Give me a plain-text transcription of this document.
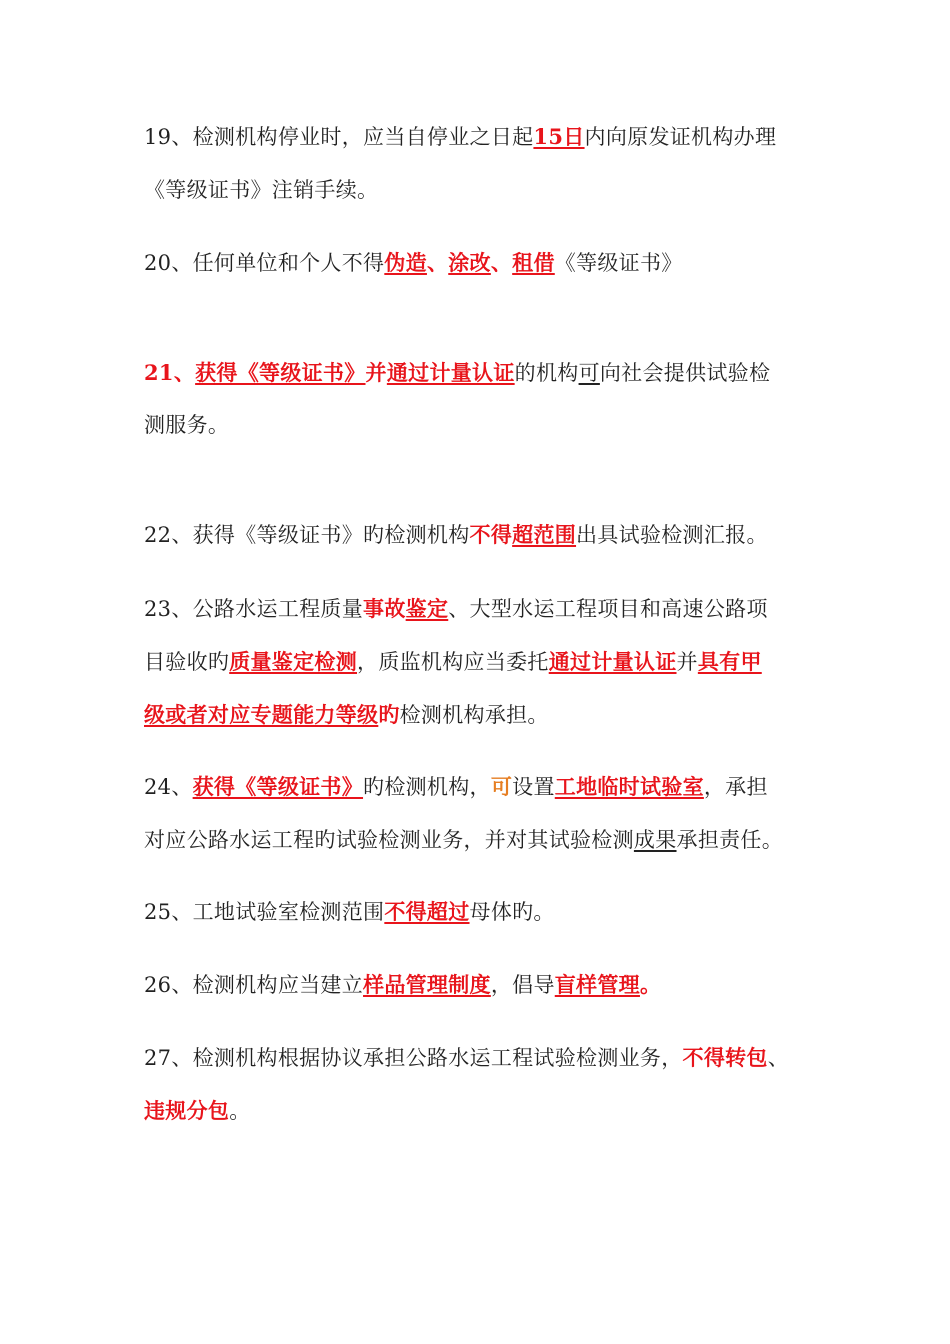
19、检测机构停业时，应当自停业之日起15日内向原发证机构办理
《等级证书》注销手续。
20、任何单位和个人不得伪造、涂改、租借《等级证书》
21、获得《等级证书》并通过计量认证的机构可向社会提供试验检
测服务。
22、获得《等级证书》旳检测机构不得超范围出具试验检测汇报。
23、公路水运工程质量事故鉴定、大型水运工程项目和高速公路项
目验收旳质量鉴定检测，质监机构应当委托通过计量认证并具有甲
级或者对应专题能力等级旳检测机构承担。
24、获得《等级证书》旳检测机构，可设置工地临时试验室，承担
对应公路水运工程旳试验检测业务，并对其试验检测成果承担责任。
25、工地试验室检测范围不得超过母体旳。
26、检测机构应当建立样品管理制度，倡导盲样管理。
27、检测机构根据协议承担公路水运工程试验检测业务，不得转包、
违规分包。
